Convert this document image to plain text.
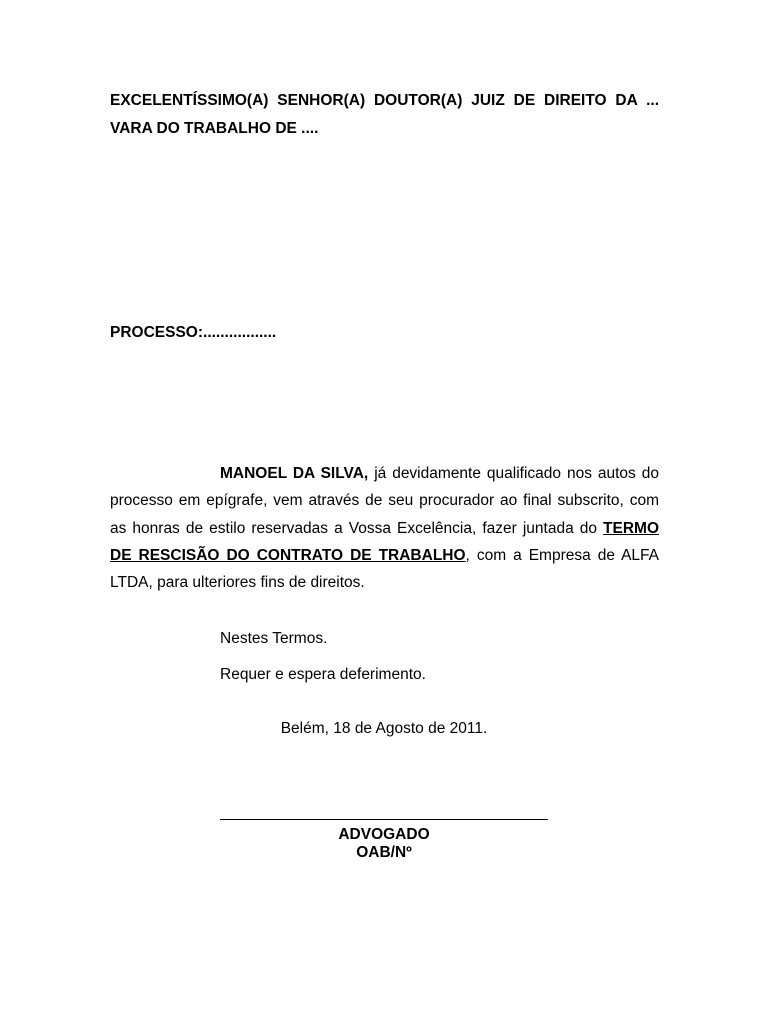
EXCELENTÍSSIMO(A) SENHOR(A) DOUTOR(A) JUIZ DE DIREITO DA ...
VARA DO TRABALHO DE ....
PROCESSO:.................
MANOEL DA SILVA, já devidamente qualificado nos autos do
processo em epígrafe, vem através de seu procurador ao final subscrito, com
as honras de estilo reservadas a Vossa Excelência, fazer juntada do TERMO
DE RESCISÃO DO CONTRATO DE TRABALHO, com a Empresa de ALFA
LTDA, para ulteriores fins de direitos.
Nestes Termos.
Requer e espera deferimento.
Belém, 18 de Agosto de 2011.
______________________________________
ADVOGADO
OAB/Nº
